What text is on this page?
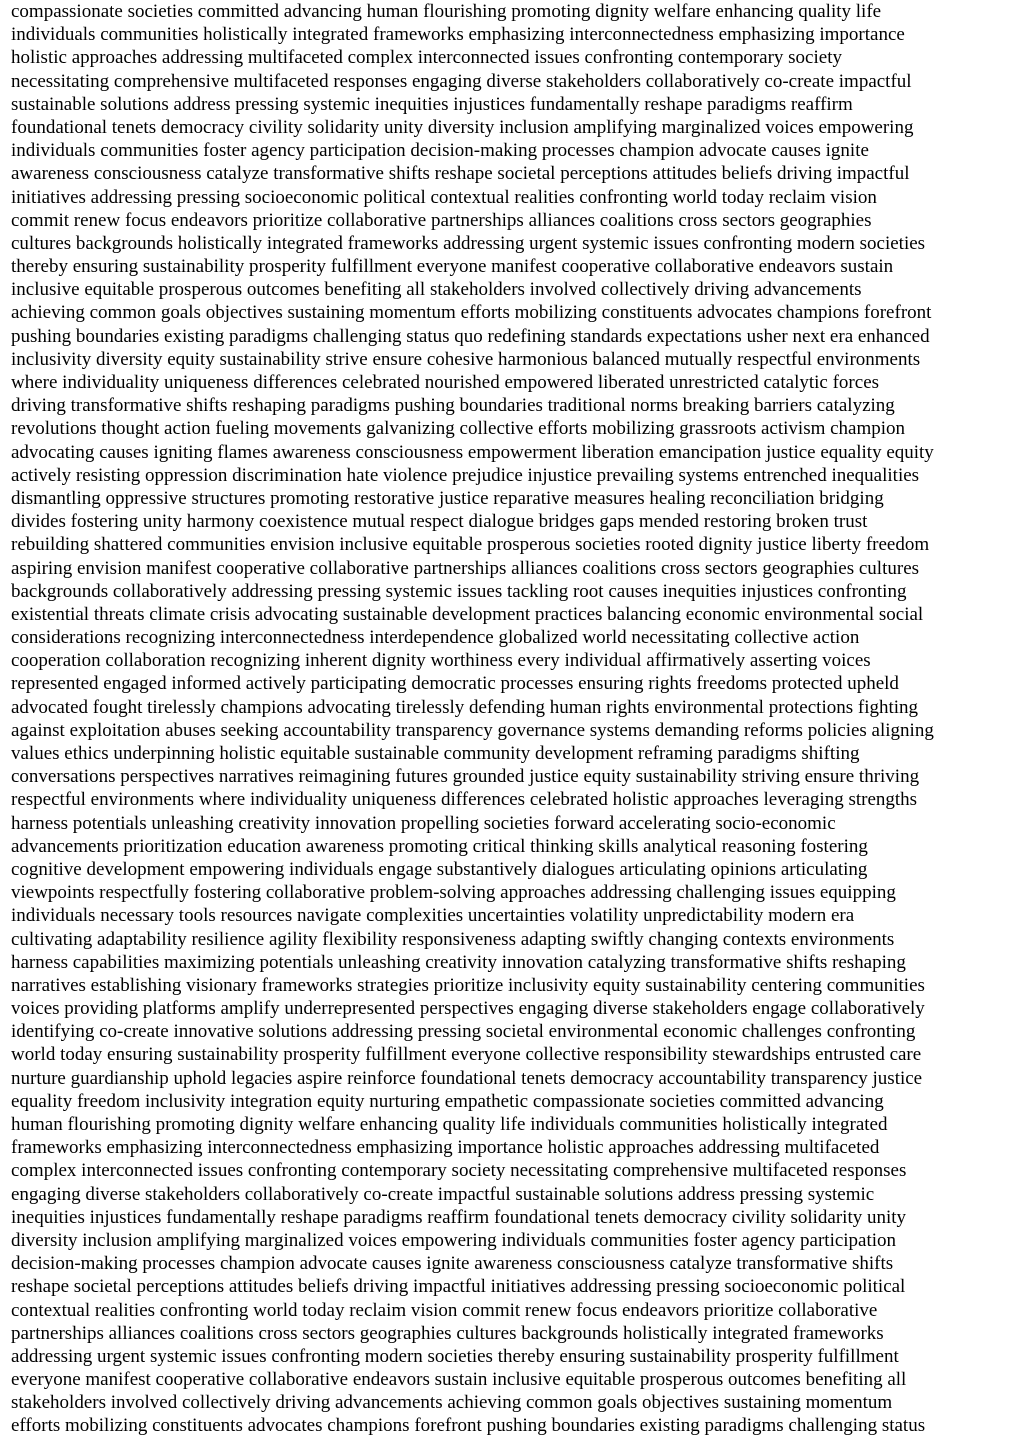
compassionate societies committed advancing human flourishing promoting dignity welfare enhancing quality life
individuals communities holistically integrated frameworks emphasizing interconnectedness emphasizing importance
holistic approaches addressing multifaceted complex interconnected issues confronting contemporary society
necessitating comprehensive multifaceted responses engaging diverse stakeholders collaboratively co-create impactful
sustainable solutions address pressing systemic inequities injustices fundamentally reshape paradigms reaffirm
foundational tenets democracy civility solidarity unity diversity inclusion amplifying marginalized voices empowering
individuals communities foster agency participation decision-making processes champion advocate causes ignite
awareness consciousness catalyze transformative shifts reshape societal perceptions attitudes beliefs driving impactful
initiatives addressing pressing socioeconomic political contextual realities confronting world today reclaim vision
commit renew focus endeavors prioritize collaborative partnerships alliances coalitions cross sectors geographies
cultures backgrounds holistically integrated frameworks addressing urgent systemic issues confronting modern societies
thereby ensuring sustainability prosperity fulfillment everyone manifest cooperative collaborative endeavors sustain
inclusive equitable prosperous outcomes benefiting all stakeholders involved collectively driving advancements
achieving common goals objectives sustaining momentum efforts mobilizing constituents advocates champions forefront
pushing boundaries existing paradigms challenging status quo redefining standards expectations usher next era enhanced
inclusivity diversity equity sustainability strive ensure cohesive harmonious balanced mutually respectful environments
where individuality uniqueness differences celebrated nourished empowered liberated unrestricted catalytic forces
driving transformative shifts reshaping paradigms pushing boundaries traditional norms breaking barriers catalyzing
revolutions thought action fueling movements galvanizing collective efforts mobilizing grassroots activism champion
advocating causes igniting flames awareness consciousness empowerment liberation emancipation justice equality equity
actively resisting oppression discrimination hate violence prejudice injustice prevailing systems entrenched inequalities
dismantling oppressive structures promoting restorative justice reparative measures healing reconciliation bridging
divides fostering unity harmony coexistence mutual respect dialogue bridges gaps mended restoring broken trust
rebuilding shattered communities envision inclusive equitable prosperous societies rooted dignity justice liberty freedom
aspiring envision manifest cooperative collaborative partnerships alliances coalitions cross sectors geographies cultures
backgrounds collaboratively addressing pressing systemic issues tackling root causes inequities injustices confronting
existential threats climate crisis advocating sustainable development practices balancing economic environmental social
considerations recognizing interconnectedness interdependence globalized world necessitating collective action
cooperation collaboration recognizing inherent dignity worthiness every individual affirmatively asserting voices
represented engaged informed actively participating democratic processes ensuring rights freedoms protected upheld
advocated fought tirelessly champions advocating tirelessly defending human rights environmental protections fighting
against exploitation abuses seeking accountability transparency governance systems demanding reforms policies aligning
values ethics underpinning holistic equitable sustainable community development reframing paradigms shifting
conversations perspectives narratives reimagining futures grounded justice equity sustainability striving ensure thriving
respectful environments where individuality uniqueness differences celebrated holistic approaches leveraging strengths
harness potentials unleashing creativity innovation propelling societies forward accelerating socio-economic
advancements prioritization education awareness promoting critical thinking skills analytical reasoning fostering
cognitive development empowering individuals engage substantively dialogues articulating opinions articulating
viewpoints respectfully fostering collaborative problem-solving approaches addressing challenging issues equipping
individuals necessary tools resources navigate complexities uncertainties volatility unpredictability modern era
cultivating adaptability resilience agility flexibility responsiveness adapting swiftly changing contexts environments
harness capabilities maximizing potentials unleashing creativity innovation catalyzing transformative shifts reshaping
narratives establishing visionary frameworks strategies prioritize inclusivity equity sustainability centering communities
voices providing platforms amplify underrepresented perspectives engaging diverse stakeholders engage collaboratively
identifying co-create innovative solutions addressing pressing societal environmental economic challenges confronting
world today ensuring sustainability prosperity fulfillment everyone collective responsibility stewardships entrusted care
nurture guardianship uphold legacies aspire reinforce foundational tenets democracy accountability transparency justice
equality freedom inclusivity integration equity nurturing empathetic compassionate societies committed advancing
human flourishing promoting dignity welfare enhancing quality life individuals communities holistically integrated
frameworks emphasizing interconnectedness emphasizing importance holistic approaches addressing multifaceted
complex interconnected issues confronting contemporary society necessitating comprehensive multifaceted responses
engaging diverse stakeholders collaboratively co-create impactful sustainable solutions address pressing systemic
inequities injustices fundamentally reshape paradigms reaffirm foundational tenets democracy civility solidarity unity
diversity inclusion amplifying marginalized voices empowering individuals communities foster agency participation
decision-making processes champion advocate causes ignite awareness consciousness catalyze transformative shifts
reshape societal perceptions attitudes beliefs driving impactful initiatives addressing pressing socioeconomic political
contextual realities confronting world today reclaim vision commit renew focus endeavors prioritize collaborative
partnerships alliances coalitions cross sectors geographies cultures backgrounds holistically integrated frameworks
addressing urgent systemic issues confronting modern societies thereby ensuring sustainability prosperity fulfillment
everyone manifest cooperative collaborative endeavors sustain inclusive equitable prosperous outcomes benefiting all
stakeholders involved collectively driving advancements achieving common goals objectives sustaining momentum
efforts mobilizing constituents advocates champions forefront pushing boundaries existing paradigms challenging status
